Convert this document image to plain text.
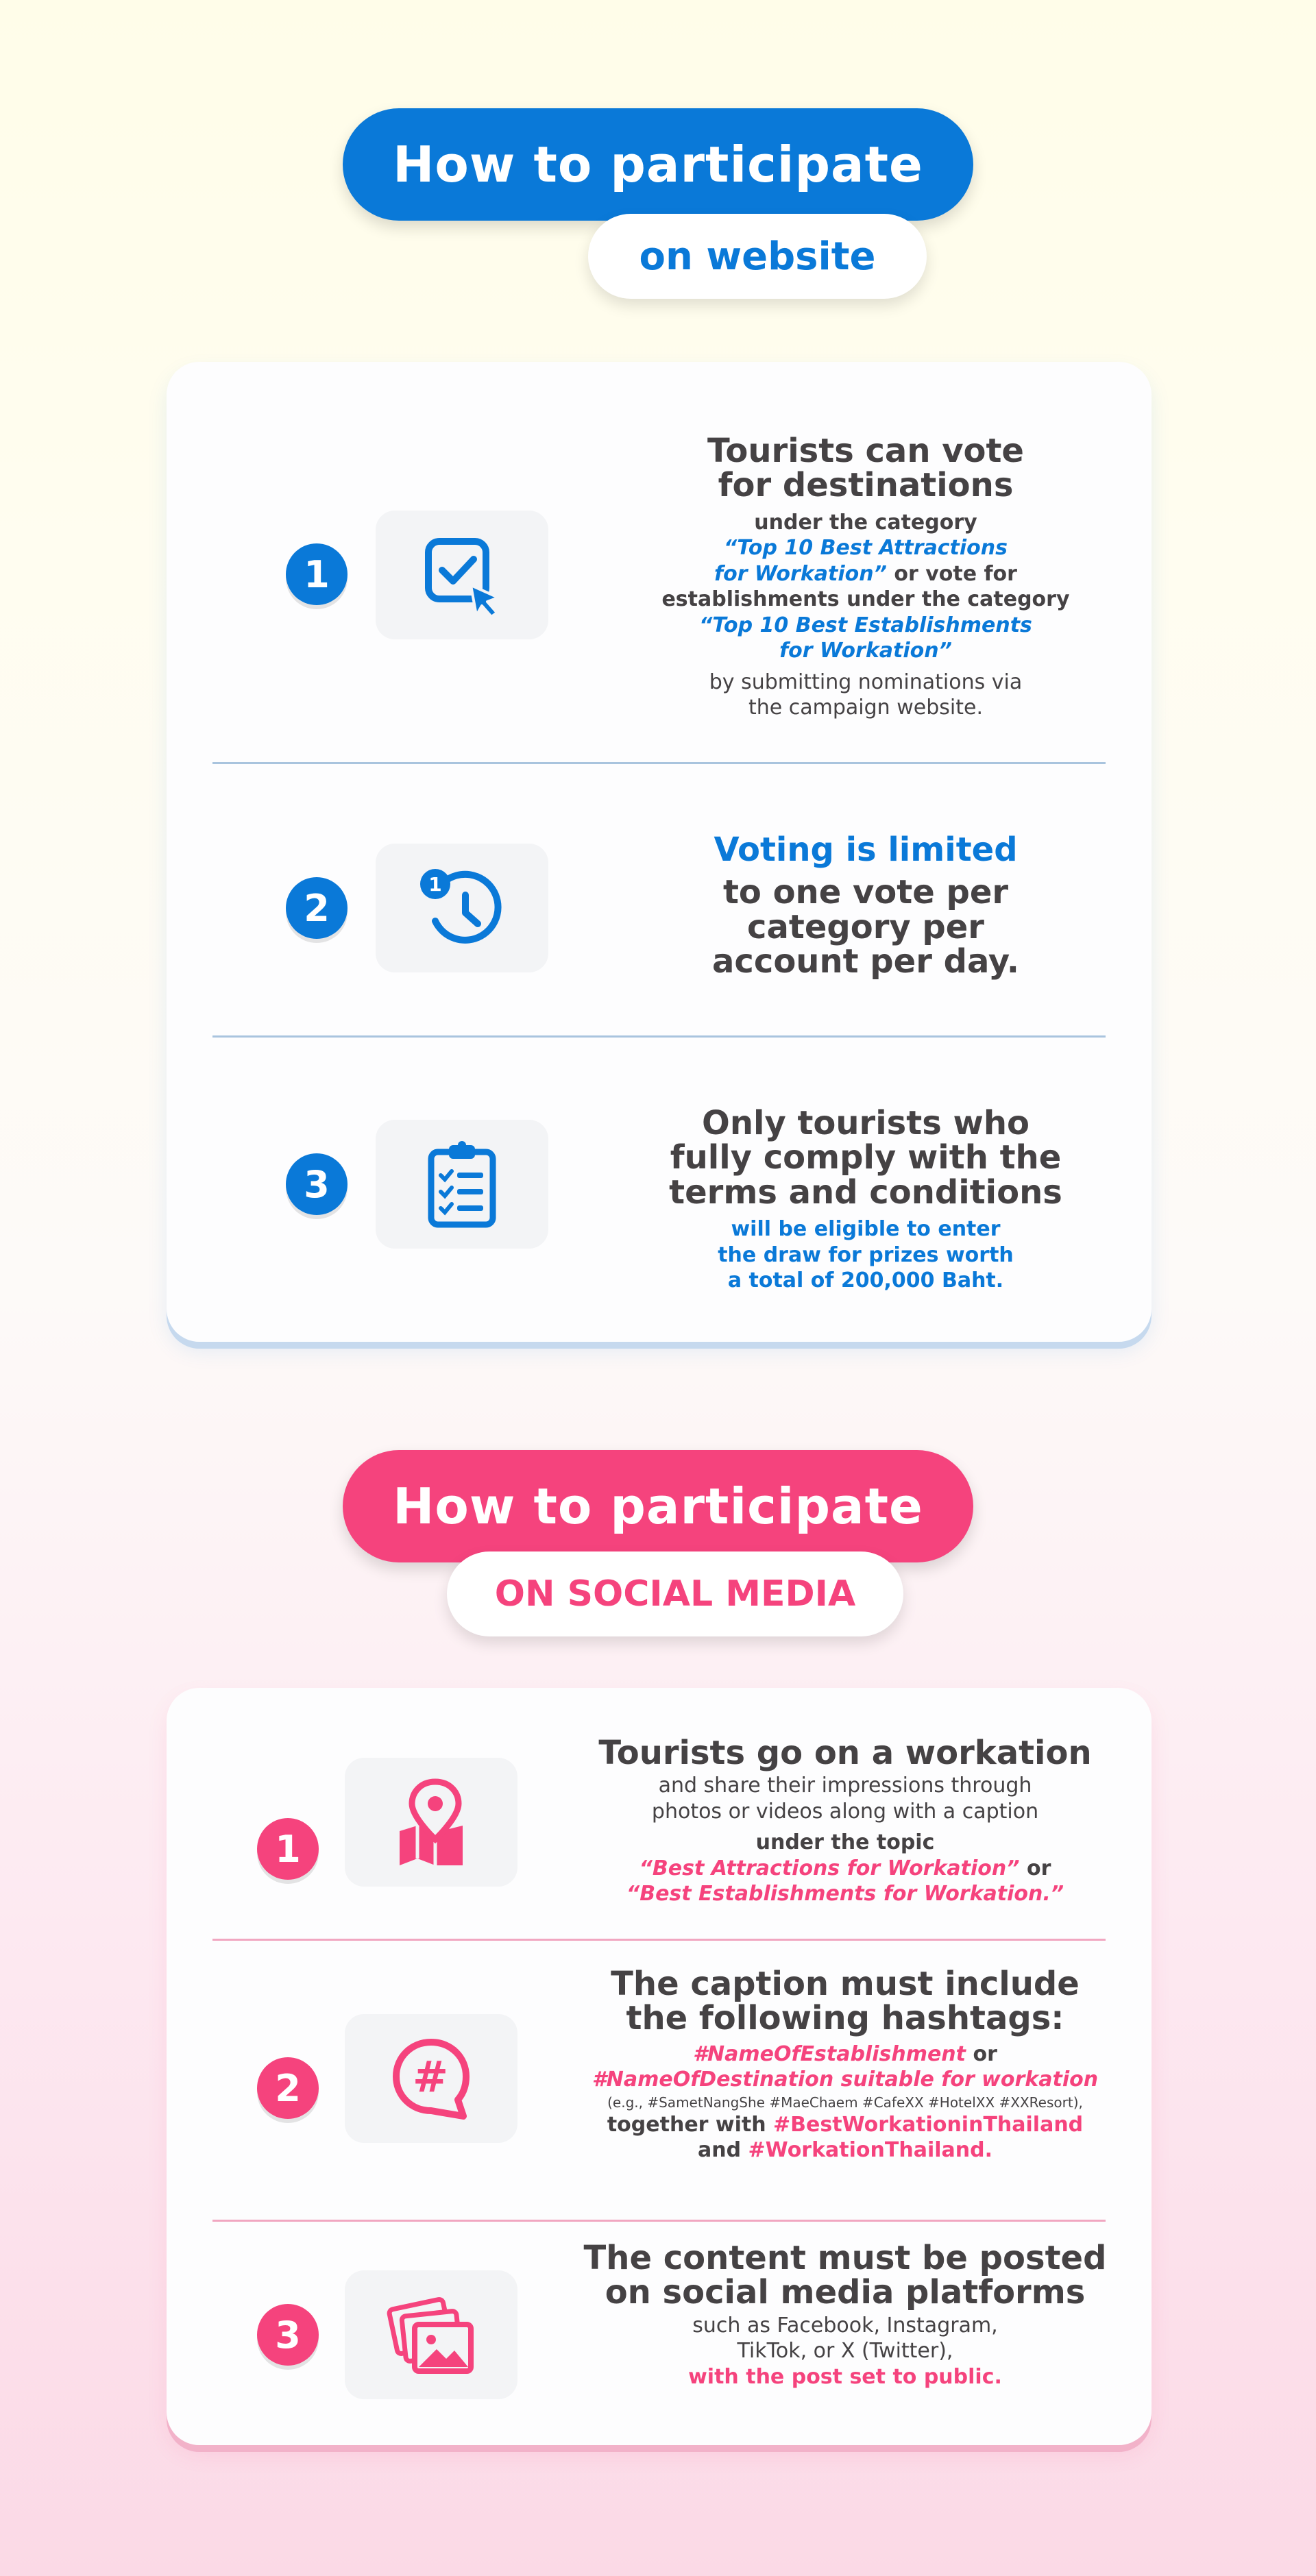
How to participate
on website
1
Tourists can vote
for destinations
under the category
“Top 10 Best Attractions
for Workation” or vote for
establishments under the category
“Top 10 Best Establishments
for Workation”
by submitting nominations via
the campaign website.
2
1
Voting is limited
to one vote per
category per
account per day.
3
Only tourists who
fully comply with the
terms and conditions
will be eligible to enter
the draw for prizes worth
a total of 200,000 Baht.
How to participate
ON SOCIAL MEDIA
1
Tourists go on a workation
and share their impressions through
photos or videos along with a caption
under the topic
“Best Attractions for Workation” or
“Best Establishments for Workation.”
2	#
The caption must include
the following hashtags:
#NameOfEstablishment or
#NameOfDestination suitable for workation
(e.g., #SametNangShe #MaeChaem #CafeXX #HotelXX #XXResort),
together with #BestWorkationinThailand
and #WorkationThailand.
3
The content must be posted
on social media platforms
such as Facebook, Instagram,
TikTok, or X (Twitter),
with the post set to public.
